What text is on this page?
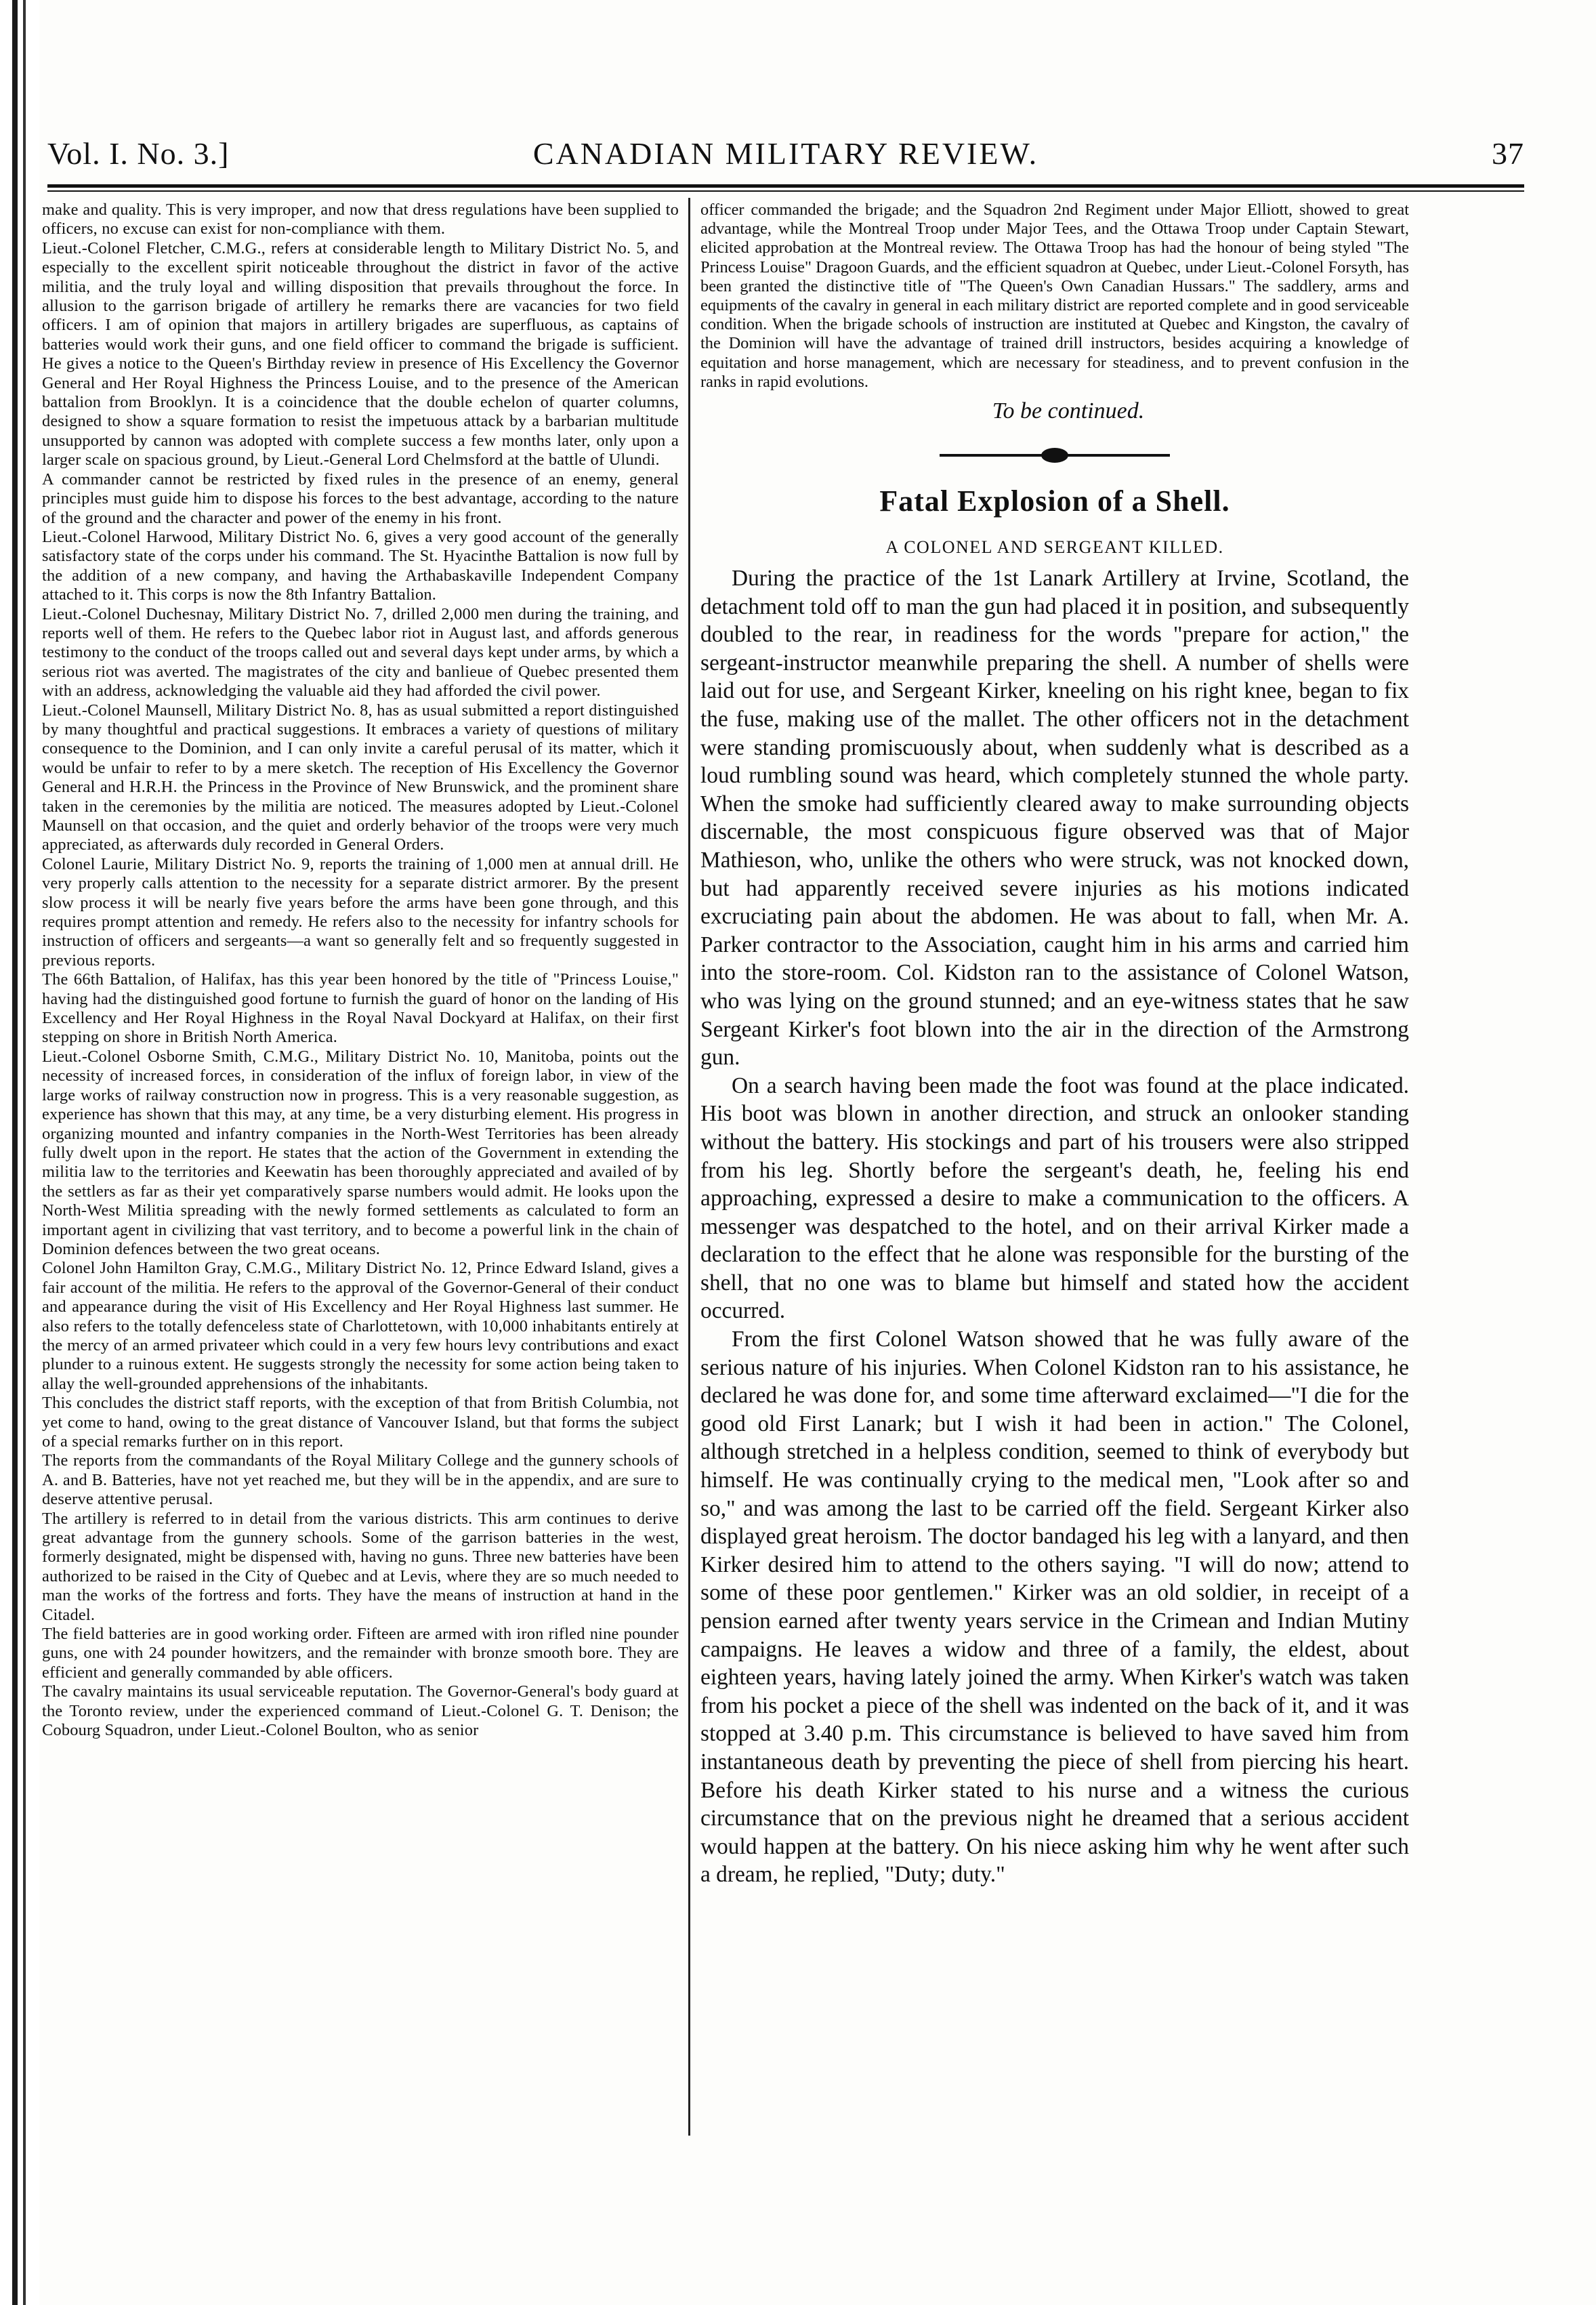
Vol. I. No. 3.]	CANADIAN MILITARY REVIEW.	37

make and quality. This is very improper, and now that dress regulations have been supplied to officers, no excuse can exist for non-compliance with them.

Lieut.-Colonel Fletcher, C.M.G., refers at considerable length to Military District No. 5, and especially to the excellent spirit noticeable throughout the district in favor of the active militia, and the truly loyal and willing disposition that prevails throughout the force. In allusion to the garrison brigade of artillery he remarks there are vacancies for two field officers. I am of opinion that majors in artillery brigades are superfluous, as captains of batteries would work their guns, and one field officer to command the brigade is sufficient. He gives a notice to the Queen's Birthday review in presence of His Excellency the Governor General and Her Royal Highness the Princess Louise, and to the presence of the American battalion from Brooklyn. It is a coincidence that the double echelon of quarter columns, designed to show a square formation to resist the impetuous attack by a barbarian multitude unsupported by cannon was adopted with complete success a few months later, only upon a larger scale on spacious ground, by Lieut.-General Lord Chelmsford at the battle of Ulundi.

A commander cannot be restricted by fixed rules in the presence of an enemy, general principles must guide him to dispose his forces to the best advantage, according to the nature of the ground and the character and power of the enemy in his front.

Lieut.-Colonel Harwood, Military District No. 6, gives a very good account of the generally satisfactory state of the corps under his command. The St. Hyacinthe Battalion is now full by the addition of a new company, and having the Arthabaskaville Independent Company attached to it. This corps is now the 8th Infantry Battalion.

Lieut.-Colonel Duchesnay, Military District No. 7, drilled 2,000 men during the training, and reports well of them. He refers to the Quebec labor riot in August last, and affords generous testimony to the conduct of the troops called out and several days kept under arms, by which a serious riot was averted. The magistrates of the city and banlieue of Quebec presented them with an address, acknowledging the valuable aid they had afforded the civil power.

Lieut.-Colonel Maunsell, Military District No. 8, has as usual submitted a report distinguished by many thoughtful and practical suggestions. It embraces a variety of questions of military consequence to the Dominion, and I can only invite a careful perusal of its matter, which it would be unfair to refer to by a mere sketch. The reception of His Excellency the Governor General and H.R.H. the Princess in the Province of New Brunswick, and the prominent share taken in the ceremonies by the militia are noticed. The measures adopted by Lieut.-Colonel Maunsell on that occasion, and the quiet and orderly behavior of the troops were very much appreciated, as afterwards duly recorded in General Orders.

Colonel Laurie, Military District No. 9, reports the training of 1,000 men at annual drill. He very properly calls attention to the necessity for a separate district armorer. By the present slow process it will be nearly five years before the arms have been gone through, and this requires prompt attention and remedy. He refers also to the necessity for infantry schools for instruction of officers and sergeants—a want so generally felt and so frequently suggested in previous reports.

The 66th Battalion, of Halifax, has this year been honored by the title of "Princess Louise," having had the distinguished good fortune to furnish the guard of honor on the landing of His Excellency and Her Royal Highness in the Royal Naval Dockyard at Halifax, on their first stepping on shore in British North America.

Lieut.-Colonel Osborne Smith, C.M.G., Military District No. 10, Manitoba, points out the necessity of increased forces, in consideration of the influx of foreign labor, in view of the large works of railway construction now in progress. This is a very reasonable suggestion, as experience has shown that this may, at any time, be a very disturbing element. His progress in organizing mounted and infantry companies in the North-West Territories has been already fully dwelt upon in the report. He states that the action of the Government in extending the militia law to the territories and Keewatin has been thoroughly appreciated and availed of by the settlers as far as their yet comparatively sparse numbers would admit. He looks upon the North-West Militia spreading with the newly formed settlements as calculated to form an important agent in civilizing that vast territory, and to become a powerful link in the chain of Dominion defences between the two great oceans.

Colonel John Hamilton Gray, C.M.G., Military District No. 12, Prince Edward Island, gives a fair account of the militia. He refers to the approval of the Governor-General of their conduct and appearance during the visit of His Excellency and Her Royal Highness last summer. He also refers to the totally defenceless state of Charlottetown, with 10,000 inhabitants entirely at the mercy of an armed privateer which could in a very few hours levy contributions and exact plunder to a ruinous extent. He suggests strongly the necessity for some action being taken to allay the well-grounded apprehensions of the inhabitants.

This concludes the district staff reports, with the exception of that from British Columbia, not yet come to hand, owing to the great distance of Vancouver Island, but that forms the subject of a special remarks further on in this report.

The reports from the commandants of the Royal Military College and the gunnery schools of A. and B. Batteries, have not yet reached me, but they will be in the appendix, and are sure to deserve attentive perusal.

The artillery is referred to in detail from the various districts. This arm continues to derive great advantage from the gunnery schools. Some of the garrison batteries in the west, formerly designated, might be dispensed with, having no guns. Three new batteries have been authorized to be raised in the City of Quebec and at Levis, where they are so much needed to man the works of the fortress and forts. They have the means of instruction at hand in the Citadel.

The field batteries are in good working order. Fifteen are armed with iron rifled nine pounder guns, one with 24 pounder howitzers, and the remainder with bronze smooth bore. They are efficient and generally commanded by able officers.

The cavalry maintains its usual serviceable reputation. The Governor-General's body guard at the Toronto review, under the experienced command of Lieut.-Colonel G. T. Denison; the Cobourg Squadron, under Lieut.-Colonel Boulton, who as senior

officer commanded the brigade; and the Squadron 2nd Regiment under Major Elliott, showed to great advantage, while the Montreal Troop under Major Tees, and the Ottawa Troop under Captain Stewart, elicited approbation at the Montreal review. The Ottawa Troop has had the honour of being styled "The Princess Louise" Dragoon Guards, and the efficient squadron at Quebec, under Lieut.-Colonel Forsyth, has been granted the distinctive title of "The Queen's Own Canadian Hussars." The saddlery, arms and equipments of the cavalry in general in each military district are reported complete and in good serviceable condition. When the brigade schools of instruction are instituted at Quebec and Kingston, the cavalry of the Dominion will have the advantage of trained drill instructors, besides acquiring a knowledge of equitation and horse management, which are necessary for steadiness, and to prevent confusion in the ranks in rapid evolutions.

To be continued.

Fatal Explosion of a Shell.
A COLONEL AND SERGEANT KILLED.

During the practice of the 1st Lanark Artillery at Irvine, Scotland, the detachment told off to man the gun had placed it in position, and subsequently doubled to the rear, in readiness for the words "prepare for action," the sergeant-instructor meanwhile preparing the shell. A number of shells were laid out for use, and Sergeant Kirker, kneeling on his right knee, began to fix the fuse, making use of the mallet. The other officers not in the detachment were standing promiscuously about, when suddenly what is described as a loud rumbling sound was heard, which completely stunned the whole party. When the smoke had sufficiently cleared away to make surrounding objects discernable, the most conspicuous figure observed was that of Major Mathieson, who, unlike the others who were struck, was not knocked down, but had apparently received severe injuries as his motions indicated excruciating pain about the abdomen. He was about to fall, when Mr. A. Parker contractor to the Association, caught him in his arms and carried him into the store-room. Col. Kidston ran to the assistance of Colonel Watson, who was lying on the ground stunned; and an eye-witness states that he saw Sergeant Kirker's foot blown into the air in the direction of the Armstrong gun.

On a search having been made the foot was found at the place indicated. His boot was blown in another direction, and struck an onlooker standing without the battery. His stockings and part of his trousers were also stripped from his leg. Shortly before the sergeant's death, he, feeling his end approaching, expressed a desire to make a communication to the officers. A messenger was despatched to the hotel, and on their arrival Kirker made a declaration to the effect that he alone was responsible for the bursting of the shell, that no one was to blame but himself and stated how the accident occurred.

From the first Colonel Watson showed that he was fully aware of the serious nature of his injuries. When Colonel Kidston ran to his assistance, he declared he was done for, and some time afterward exclaimed—"I die for the good old First Lanark; but I wish it had been in action." The Colonel, although stretched in a helpless condition, seemed to think of everybody but himself. He was continually crying to the medical men, "Look after so and so," and was among the last to be carried off the field. Sergeant Kirker also displayed great heroism. The doctor bandaged his leg with a lanyard, and then Kirker desired him to attend to the others saying. "I will do now; attend to some of these poor gentlemen." Kirker was an old soldier, in receipt of a pension earned after twenty years service in the Crimean and Indian Mutiny campaigns. He leaves a widow and three of a family, the eldest, about eighteen years, having lately joined the army. When Kirker's watch was taken from his pocket a piece of the shell was indented on the back of it, and it was stopped at 3.40 p.m. This circumstance is believed to have saved him from instantaneous death by preventing the piece of shell from piercing his heart. Before his death Kirker stated to his nurse and a witness the curious circumstance that on the previous night he dreamed that a serious accident would happen at the battery. On his niece asking him why he went after such a dream, he replied, "Duty; duty."
